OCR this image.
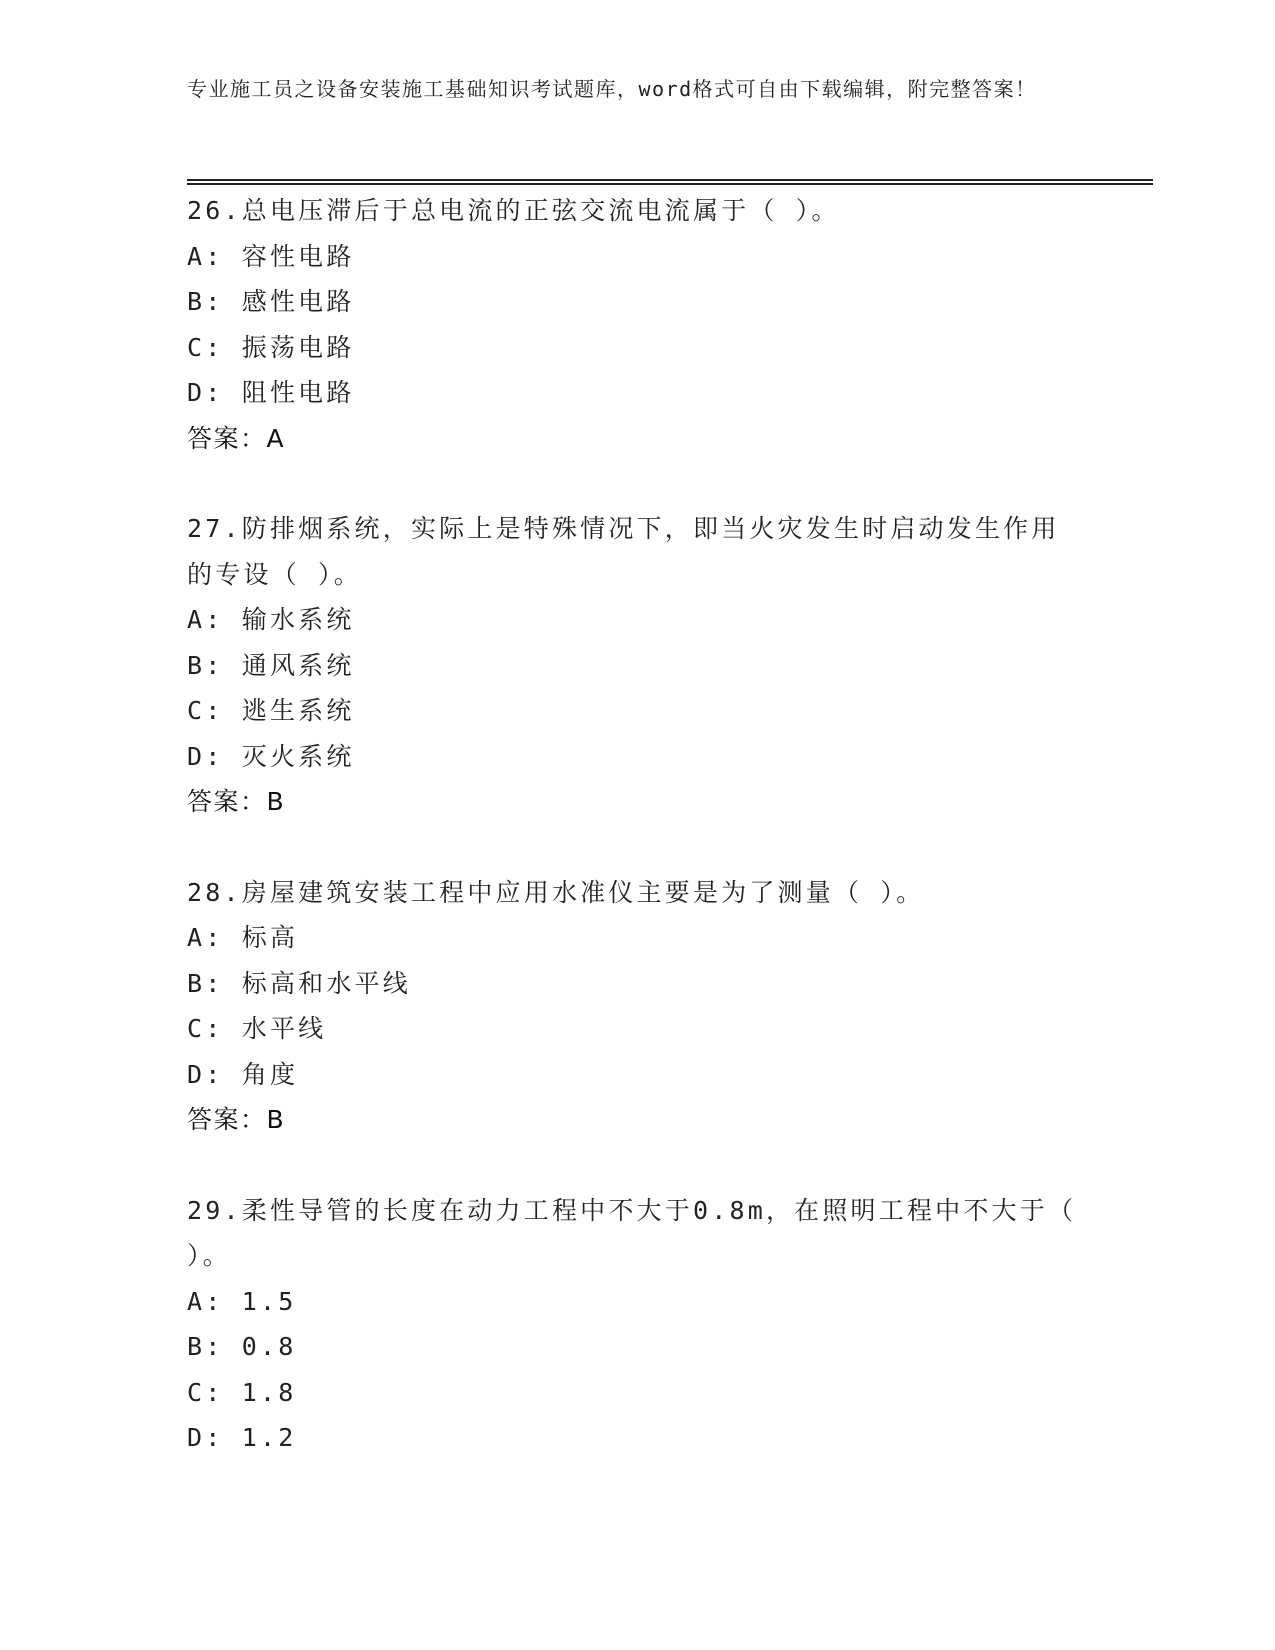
专业施工员之设备安装施工基础知识考试题库，word格式可自由下载编辑，附完整答案！

26.总电压滞后于总电流的正弦交流电流属于（ ）。

A: 容性电路

B: 感性电路

C: 振荡电路

D: 阻性电路

答案：A

27.防排烟系统，实际上是特殊情况下，即当火灾发生时启动发生作用的专设（ ）。

A: 输水系统

B: 通风系统

C: 逃生系统

D: 灭火系统

答案：B

28.房屋建筑安装工程中应用水准仪主要是为了测量（ ）。

A: 标高

B: 标高和水平线

C: 水平线

D: 角度

答案：B

29.柔性导管的长度在动力工程中不大于0.8m，在照明工程中不大于（ ）。

A: 1.5

B: 0.8

C: 1.8

D: 1.2
